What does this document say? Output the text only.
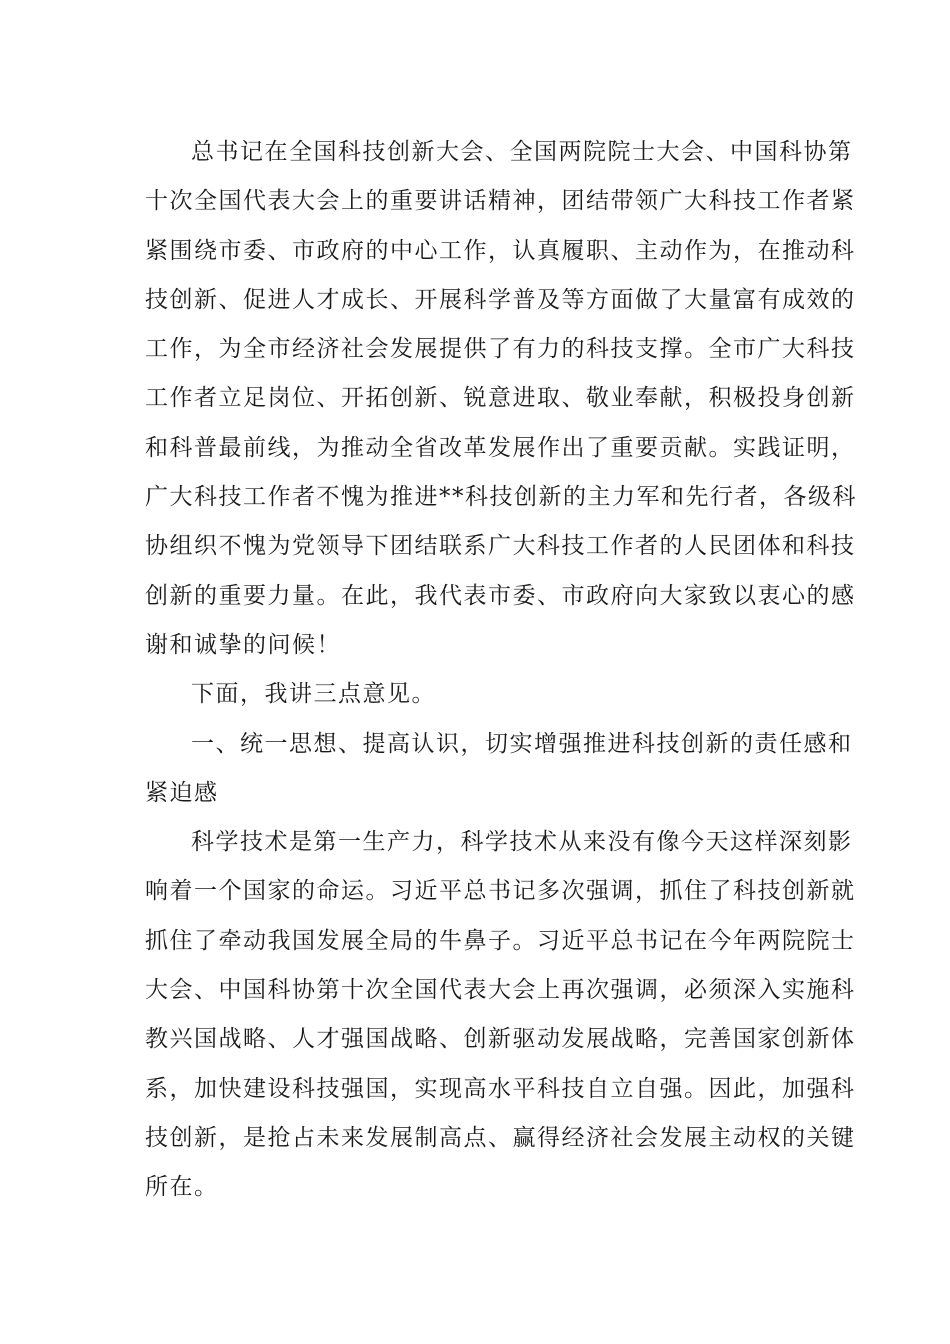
总书记在全国科技创新大会、全国两院院士大会、中国科协第
十次全国代表大会上的重要讲话精神，团结带领广大科技工作者紧
紧围绕市委、市政府的中心工作，认真履职、主动作为，在推动科
技创新、促进人才成长、开展科学普及等方面做了大量富有成效的
工作，为全市经济社会发展提供了有力的科技支撑。全市广大科技
工作者立足岗位、开拓创新、锐意进取、敬业奉献，积极投身创新
和科普最前线，为推动全省改革发展作出了重要贡献。实践证明，
广大科技工作者不愧为推进**科技创新的主力军和先行者，各级科
协组织不愧为党领导下团结联系广大科技工作者的人民团体和科技
创新的重要力量。在此，我代表市委、市政府向大家致以衷心的感
谢和诚挚的问候！

下面，我讲三点意见。

一、统一思想、提高认识，切实增强推进科技创新的责任感和
紧迫感

科学技术是第一生产力，科学技术从来没有像今天这样深刻影
响着一个国家的命运。习近平总书记多次强调，抓住了科技创新就
抓住了牵动我国发展全局的牛鼻子。习近平总书记在今年两院院士
大会、中国科协第十次全国代表大会上再次强调，必须深入实施科
教兴国战略、人才强国战略、创新驱动发展战略，完善国家创新体
系，加快建设科技强国，实现高水平科技自立自强。因此，加强科
技创新，是抢占未来发展制高点、赢得经济社会发展主动权的关键
所在。
